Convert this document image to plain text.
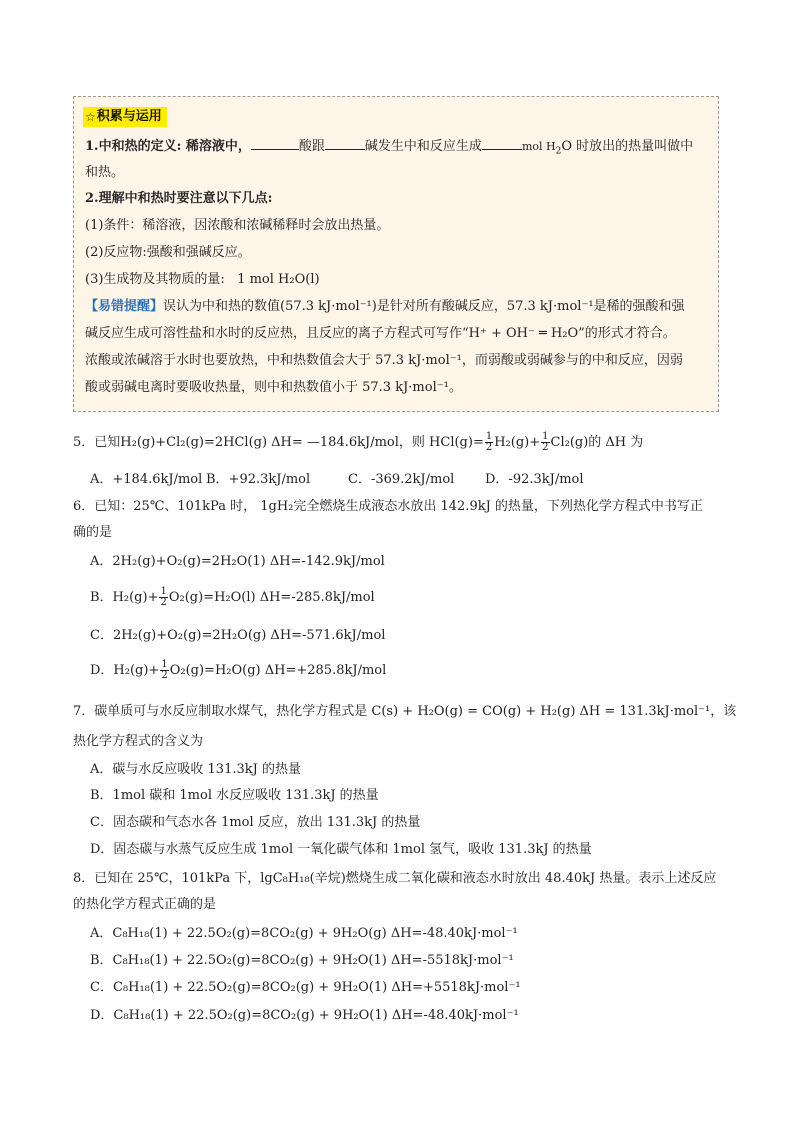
☆ 积累与运用
1.中和热的定义: 稀溶液中，	酸跟	碱发生中和反应生成	mol $H_2O$ 时放出的热量叫做中
和热。
2.理解中和热时要注意以下几点:
(1)条件：稀溶液，因浓酸和浓碱稀释时会放出热量。
(2)反应物:强酸和强碱反应。
(3)生成物及其物质的量: 1 mol H₂O(l)
【易错提醒】误认为中和热的数值(57.3 kJ·mol⁻¹)是针对所有酸碱反应，57.3 kJ·mol⁻¹是稀的强酸和强
碱反应生成可溶性盐和水时的反应热，且反应的离子方程式可写作“H⁺ + OH⁻ ═ H₂O”的形式才符合。
浓酸或浓碱溶于水时也要放热，中和热数值会大于 57.3 kJ·mol⁻¹，而弱酸或弱碱参与的中和反应，因弱
酸或弱碱电离时要吸收热量，则中和热数值小于 57.3 kJ·mol⁻¹。
5．已知H₂(g)+Cl₂(g)=2HCl(g) ΔH= —184.6kJ/mol，则 $HCl(g)= \frac{1}{2} H_2(g)+ \frac{1}{2} Cl_2(g)$的 ΔH 为
A．+184.6kJ/mol B．+92.3kJ/mol	C．-369.2kJ/mol D．-92.3kJ/mol
6．已知：25℃、101kPa 时， 1gH₂完全燃烧生成液态水放出 142.9kJ 的热量，下列热化学方程式中书写正
确的是
A．2H₂(g)+O₂(g)=2H₂O(1) ΔH=-142.9kJ/mol
B．$H_2(g)+ \frac{1}{2} O_2(g)=H_2O(l)$ ΔH=-285.8kJ/mol
C．2H₂(g)+O₂(g)=2H₂O(g) ΔH=-571.6kJ/mol
D．$H_2(g)+ \frac{1}{2} O_2(g)=H_2O(g)$ ΔH=+285.8kJ/mol
7．碳单质可与水反应制取水煤气，热化学方程式是 C(s) + H₂O(g) = CO(g) + H₂(g) ΔH = 131.3kJ·mol⁻¹，该
热化学方程式的含义为
A．碳与水反应吸收 131.3kJ 的热量
B．1mol 碳和 1mol 水反应吸收 131.3kJ 的热量
C．固态碳和气态水各 1mol 反应，放出 131.3kJ 的热量
D．固态碳与水蒸气反应生成 1mol 一氧化碳气体和 1mol 氢气，吸收 131.3kJ 的热量
8．已知在 25℃，101kPa 下，lgC₈H₁₈(辛烷)燃烧生成二氧化碳和液态水时放出 48.40kJ 热量。表示上述反应
的热化学方程式正确的是
A．C₈H₁₈(1) + 22.5O₂(g)=8CO₂(g) + 9H₂O(g) ΔH=-48.40kJ·mol⁻¹
B．C₈H₁₈(1) + 22.5O₂(g)=8CO₂(g) + 9H₂O(1) ΔH=-5518kJ·mol⁻¹
C．C₈H₁₈(1) + 22.5O₂(g)=8CO₂(g) + 9H₂O(1) ΔH=+5518kJ·mol⁻¹
D．C₈H₁₈(1) + 22.5O₂(g)=8CO₂(g) + 9H₂O(1) ΔH=-48.40kJ·mol⁻¹
